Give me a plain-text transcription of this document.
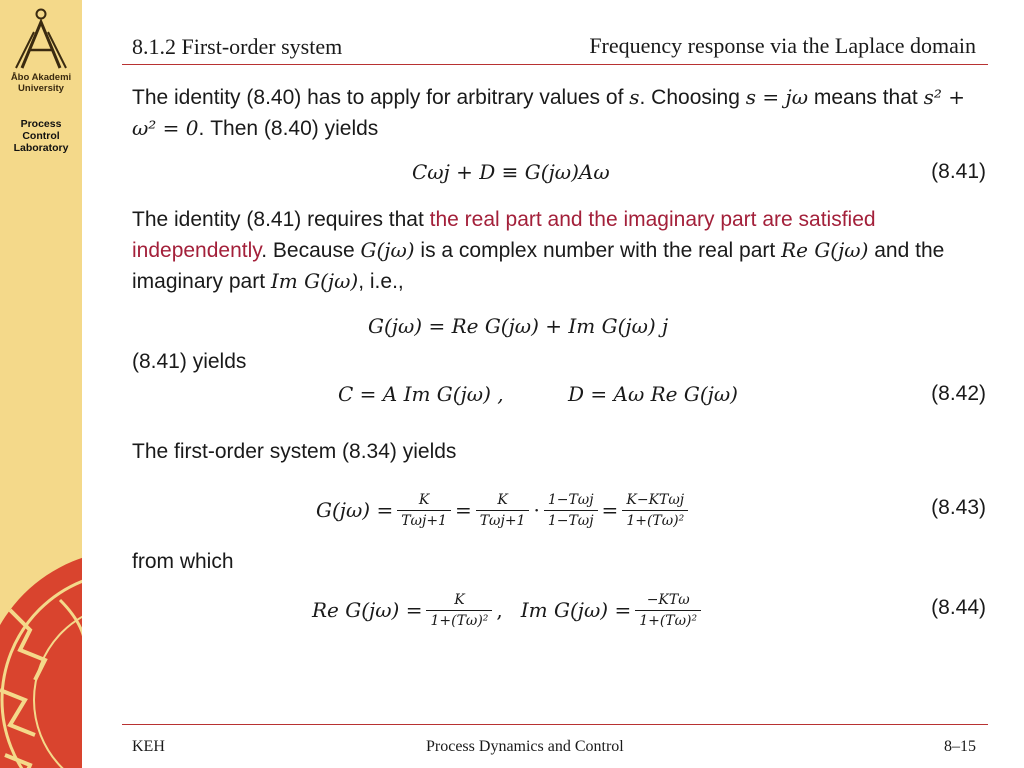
Åbo Akademi
University
Process
Control
Laboratory
8.1.2 First-order system	Frequency response via the Laplace domain
The identity (8.40) has to apply for arbitrary values of s. Choosing s = jω means that s² + ω² = 0. Then (8.40) yields
Cωj + D ≡ G(jω)Aω	(8.41)
The identity (8.41) requires that the real part and the imaginary part are satisfied independently. Because G(jω) is a complex number with the real part Re G(jω) and the imaginary part Im G(jω), i.e.,
G(jω) = Re G(jω) + Im G(jω) j
(8.41) yields
C = A Im G(jω) ,	D = Aω Re G(jω)	(8.42)
The first-order system (8.34) yields
$G(j\omega) = \frac{K}{\text{Tωj+1}} = \frac{K}{\text{Tωj+1}} \cdot \frac{\text{1−Tωj}}{\text{1−Tωj}} = \frac{\text{K−KTωj}}{\text{1+(Tω)²}}$	(8.43)
from which
Re $G(j\omega) = \frac{K}{\text{1+(Tω)²}}$ , Im $G(j\omega) = \frac{\text{−KTω}}{\text{1+(Tω)²}}$	(8.44)
KEH	Process Dynamics and Control	8–15
